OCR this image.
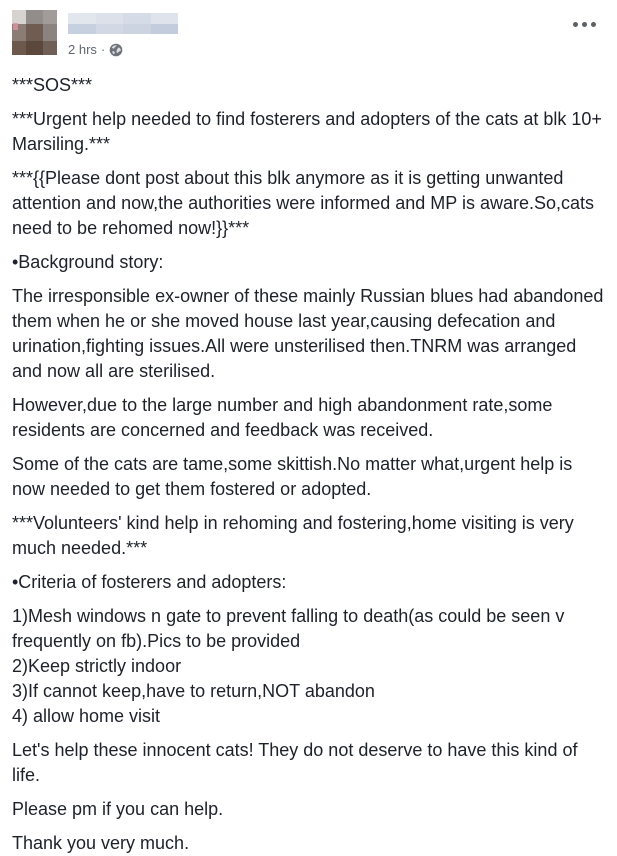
2 hrs ·

***SOS***

***Urgent help needed to find fosterers and adopters of the cats at blk 10+ Marsiling.***

***{{Please dont post about this blk anymore as it is getting unwanted attention and now,the authorities were informed and MP is aware.So,cats need to be rehomed now!}}***

•Background story:

The irresponsible ex-owner of these mainly Russian blues had abandoned them when he or she moved house last year,causing defecation and urination,fighting issues.All were unsterilised then.TNRM was arranged and now all are sterilised.

However,due to the large number and high abandonment rate,some residents are concerned and feedback was received.

Some of the cats are tame,some skittish.No matter what,urgent help is now needed to get them fostered or adopted.

***Volunteers' kind help in rehoming and fostering,home visiting is very much needed.***

•Criteria of fosterers and adopters:

1)Mesh windows n gate to prevent falling to death(as could be seen v frequently on fb).Pics to be provided
2)Keep strictly indoor
3)If cannot keep,have to return,NOT abandon
4) allow home visit

Let's help these innocent cats! They do not deserve to have this kind of life.

Please pm if you can help.

Thank you very much.
